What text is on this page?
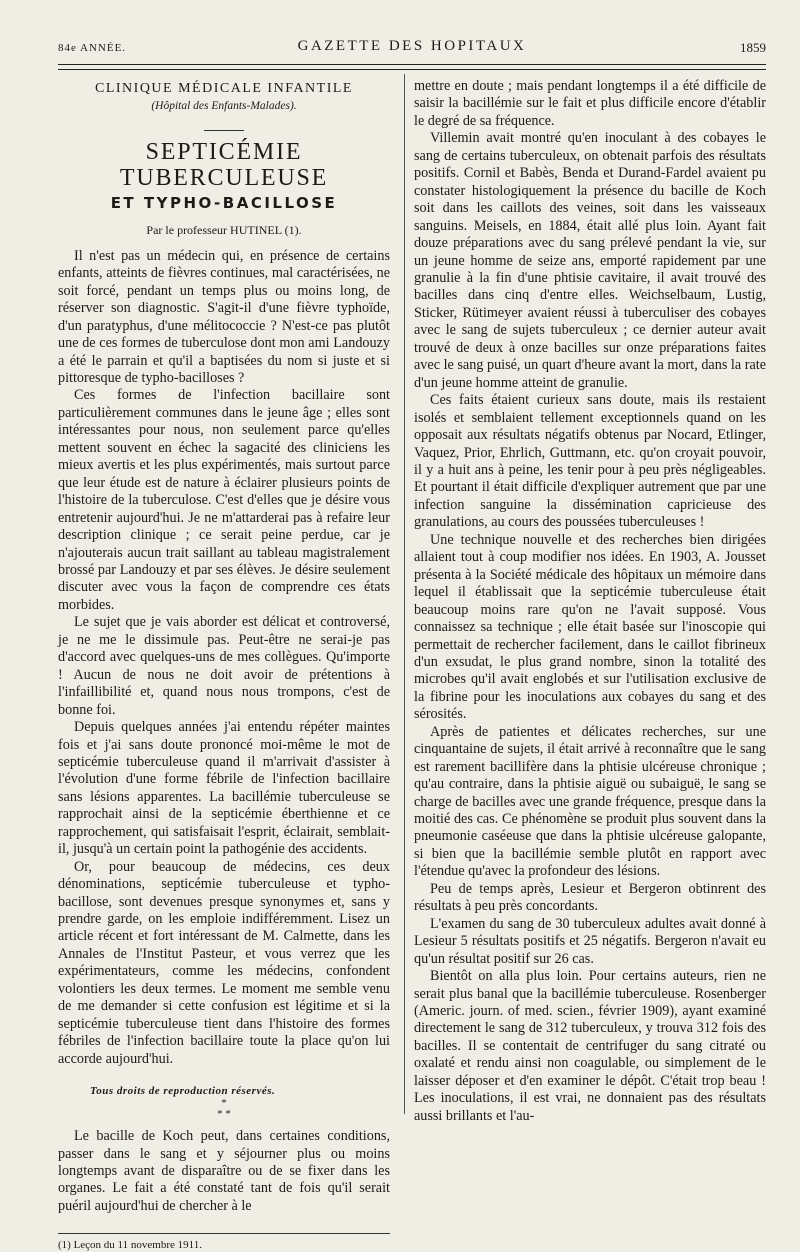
84e ANNÉE.	GAZETTE DES HOPITAUX	1859
CLINIQUE MÉDICALE INFANTILE
(Hôpital des Enfants-Malades).
SEPTICÉMIE TUBERCULEUSE
ET TYPHO-BACILLOSE
Par le professeur HUTINEL (1).

Il n'est pas un médecin qui, en présence de certains enfants, atteints de fièvres continues, mal caractérisées, ne soit forcé, pendant un temps plus ou moins long, de réserver son diagnostic. S'agit-il d'une fièvre typhoïde, d'un paratyphus, d'une mélitococcie ? N'est-ce pas plutôt une de ces formes de tuberculose dont mon ami Landouzy a été le parrain et qu'il a baptisées du nom si juste et si pittoresque de typho-bacilloses ?

Ces formes de l'infection bacillaire sont particulièrement communes dans le jeune âge ; elles sont intéressantes pour nous, non seulement parce qu'elles mettent souvent en échec la sagacité des cliniciens les mieux avertis et les plus expérimentés, mais surtout parce que leur étude est de nature à éclairer plusieurs points de l'histoire de la tuberculose. C'est d'elles que je désire vous entretenir aujourd'hui. Je ne m'attarderai pas à refaire leur description clinique ; ce serait peine perdue, car je n'ajouterais aucun trait saillant au tableau magistralement brossé par Landouzy et par ses élèves. Je désire seulement discuter avec vous la façon de comprendre ces états morbides.

Le sujet que je vais aborder est délicat et controversé, je ne me le dissimule pas. Peut-être ne serai-je pas d'accord avec quelques-uns de mes collègues. Qu'importe ! Aucun de nous ne doit avoir de prétentions à l'infaillibilité et, quand nous nous trompons, c'est de bonne foi.

Depuis quelques années j'ai entendu répéter maintes fois et j'ai sans doute prononcé moi-même le mot de septicémie tuberculeuse quand il m'arrivait d'assister à l'évolution d'une forme fébrile de l'infection bacillaire sans lésions apparentes. La bacillémie tuberculeuse se rapprochait ainsi de la septicémie éberthienne et ce rapprochement, qui satisfaisait l'esprit, éclairait, semblait-il, jusqu'à un certain point la pathogénie des accidents.

Or, pour beaucoup de médecins, ces deux dénominations, septicémie tuberculeuse et typho-bacillose, sont devenues presque synonymes et, sans y prendre garde, on les emploie indifféremment. Lisez un article récent et fort intéressant de M. Calmette, dans les Annales de l'Institut Pasteur, et vous verrez que les expérimentateurs, comme les médecins, confondent volontiers les deux termes. Le moment me semble venu de me demander si cette confusion est légitime et si la septicémie tuberculeuse tient dans l'histoire des formes fébriles de l'infection bacillaire toute la place qu'on lui accorde aujourd'hui.

*
* *

Le bacille de Koch peut, dans certaines conditions, passer dans le sang et y séjourner plus ou moins longtemps avant de disparaître ou de se fixer dans les organes. Le fait a été constaté tant de fois qu'il serait puéril aujourd'hui de chercher à le

(1) Leçon du 11 novembre 1911.

mettre en doute ; mais pendant longtemps il a été difficile de saisir la bacillémie sur le fait et plus difficile encore d'établir le degré de sa fréquence.

Villemin avait montré qu'en inoculant à des cobayes le sang de certains tuberculeux, on obtenait parfois des résultats positifs. Cornil et Babès, Benda et Durand-Fardel avaient pu constater histologiquement la présence du bacille de Koch soit dans les caillots des veines, soit dans les vaisseaux sanguins. Meisels, en 1884, était allé plus loin. Ayant fait douze préparations avec du sang prélevé pendant la vie, sur un jeune homme de seize ans, emporté rapidement par une granulie à la fin d'une phtisie cavitaire, il avait trouvé des bacilles dans cinq d'entre elles. Weichselbaum, Lustig, Sticker, Rütimeyer avaient réussi à tuberculiser des cobayes avec le sang de sujets tuberculeux ; ce dernier auteur avait trouvé de deux à onze bacilles sur onze préparations faites avec le sang puisé, un quart d'heure avant la mort, dans la rate d'un jeune homme atteint de granulie.

Ces faits étaient curieux sans doute, mais ils restaient isolés et semblaient tellement exceptionnels quand on les opposait aux résultats négatifs obtenus par Nocard, Etlinger, Vaquez, Prior, Ehrlich, Guttmann, etc. qu'on croyait pouvoir, il y a huit ans à peine, les tenir pour à peu près négligeables. Et pourtant il était difficile d'expliquer autrement que par une infection sanguine la dissémination capricieuse des granulations, au cours des poussées tuberculeuses !

Une technique nouvelle et des recherches bien dirigées allaient tout à coup modifier nos idées. En 1903, A. Jousset présenta à la Société médicale des hôpitaux un mémoire dans lequel il établissait que la septicémie tuberculeuse était beaucoup moins rare qu'on ne l'avait supposé. Vous connaissez sa technique ; elle était basée sur l'inoscopie qui permettait de rechercher facilement, dans le caillot fibrineux d'un exsudat, le plus grand nombre, sinon la totalité des microbes qu'il avait englobés et sur l'utilisation exclusive de la fibrine pour les inoculations aux cobayes du sang et des sérosités.

Après de patientes et délicates recherches, sur une cinquantaine de sujets, il était arrivé à reconnaître que le sang est rarement bacillifère dans la phtisie ulcéreuse chronique ; qu'au contraire, dans la phtisie aiguë ou subaiguë, le sang se charge de bacilles avec une grande fréquence, presque dans la moitié des cas. Ce phénomène se produit plus souvent dans la pneumonie caséeuse que dans la phtisie ulcéreuse galopante, si bien que la bacillémie semble plutôt en rapport avec l'étendue qu'avec la profondeur des lésions.

Peu de temps après, Lesieur et Bergeron obtinrent des résultats à peu près concordants.

L'examen du sang de 30 tuberculeux adultes avait donné à Lesieur 5 résultats positifs et 25 négatifs. Bergeron n'avait eu qu'un résultat positif sur 26 cas.

Bientôt on alla plus loin. Pour certains auteurs, rien ne serait plus banal que la bacillémie tuberculeuse. Rosenberger (Americ. journ. of med. scien., février 1909), ayant examiné directement le sang de 312 tuberculeux, y trouva 312 fois des bacilles. Il se contentait de centrifuger du sang citraté ou oxalaté et rendu ainsi non coagulable, ou simplement de le laisser déposer et d'en examiner le dépôt. C'était trop beau ! Les inoculations, il est vrai, ne donnaient pas des résultats aussi brillants et l'au-

Tous droits de reproduction réservés.
